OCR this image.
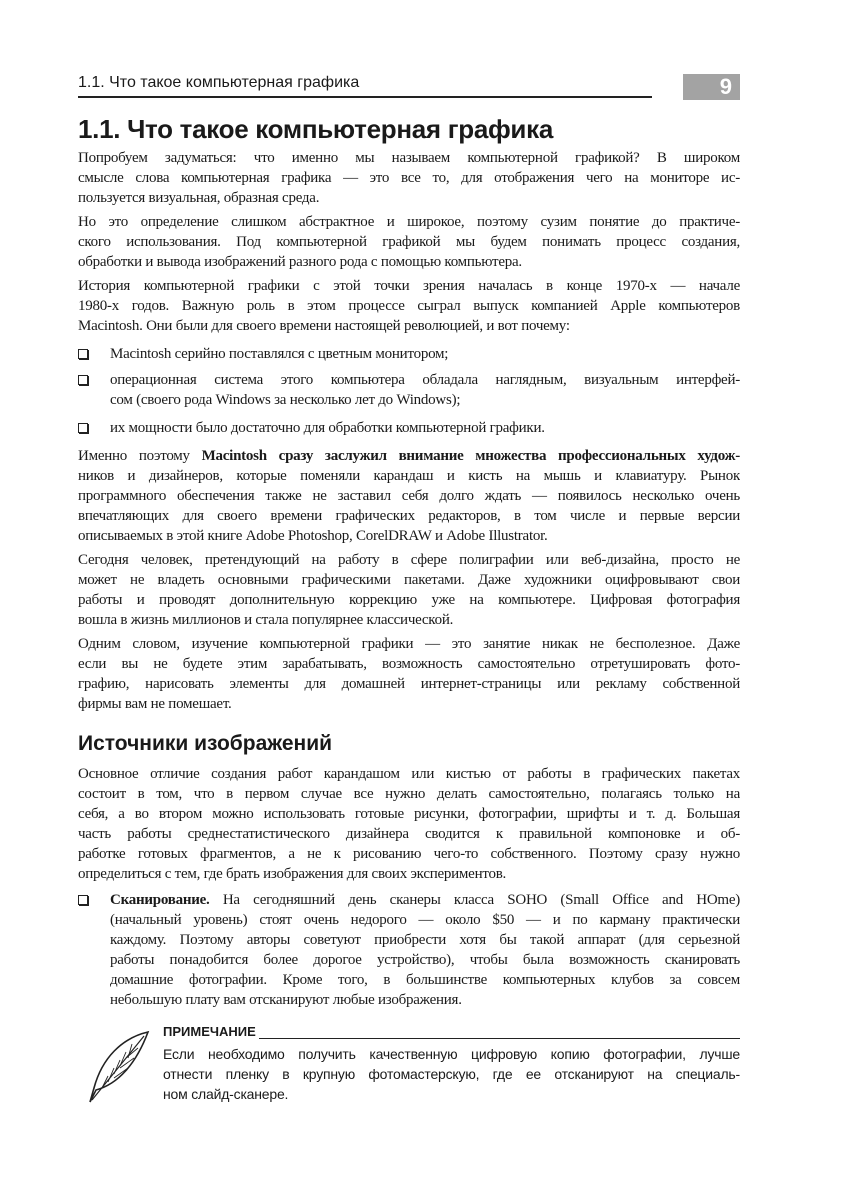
1.1. Что такое компьютерная графика	9
1.1. Что такое компьютерная графика
Попробуем задуматься: что именно мы называем компьютерной графикой? В широком
смысле слова компьютерная графика — это все то, для отображения чего на мониторе ис-
пользуется визуальная, образная среда.
Но это определение слишком абстрактное и широкое, поэтому сузим понятие до практиче-
ского использования. Под компьютерной графикой мы будем понимать процесс создания,
обработки и вывода изображений разного рода с помощью компьютера.
История компьютерной графики с этой точки зрения началась в конце 1970-х — начале
1980-х годов. Важную роль в этом процессе сыграл выпуск компанией Apple компьютеров
Macintosh. Они были для своего времени настоящей революцией, и вот почему:
Macintosh серийно поставлялся с цветным монитором;
операционная система этого компьютера обладала наглядным, визуальным интерфей-
сом (своего рода Windows за несколько лет до Windows);
их мощности было достаточно для обработки компьютерной графики.
Именно поэтому Macintosh сразу заслужил внимание множества профессиональных худож-
ников и дизайнеров, которые поменяли карандаш и кисть на мышь и клавиатуру. Рынок
программного обеспечения также не заставил себя долго ждать — появилось несколько очень
впечатляющих для своего времени графических редакторов, в том числе и первые версии
описываемых в этой книге Adobe Photoshop, CorelDRAW и Adobe Illustrator.
Сегодня человек, претендующий на работу в сфере полиграфии или веб-дизайна, просто не
может не владеть основными графическими пакетами. Даже художники оцифровывают свои
работы и проводят дополнительную коррекцию уже на компьютере. Цифровая фотография
вошла в жизнь миллионов и стала популярнее классической.
Одним словом, изучение компьютерной графики — это занятие никак не бесполезное. Даже
если вы не будете этим зарабатывать, возможность самостоятельно отретушировать фото-
графию, нарисовать элементы для домашней интернет-страницы или рекламу собственной
фирмы вам не помешает.
Источники изображений
Основное отличие создания работ карандашом или кистью от работы в графических пакетах
состоит в том, что в первом случае все нужно делать самостоятельно, полагаясь только на
себя, а во втором можно использовать готовые рисунки, фотографии, шрифты и т. д. Большая
часть работы среднестатистического дизайнера сводится к правильной компоновке и об-
работке готовых фрагментов, а не к рисованию чего-то собственного. Поэтому сразу нужно
определиться с тем, где брать изображения для своих экспериментов.
Сканирование. На сегодняшний день сканеры класса SOHO (Small Office and HOme)
(начальный уровень) стоят очень недорого — около $50 — и по карману практически
каждому. Поэтому авторы советуют приобрести хотя бы такой аппарат (для серьезной
работы понадобится более дорогое устройство), чтобы была возможность сканировать
домашние фотографии. Кроме того, в большинстве компьютерных клубов за совсем
небольшую плату вам отсканируют любые изображения.
ПРИМЕЧАНИЕ
Если необходимо получить качественную цифровую копию фотографии, лучше
отнести пленку в крупную фотомастерскую, где ее отсканируют на специаль-
ном слайд-сканере.
